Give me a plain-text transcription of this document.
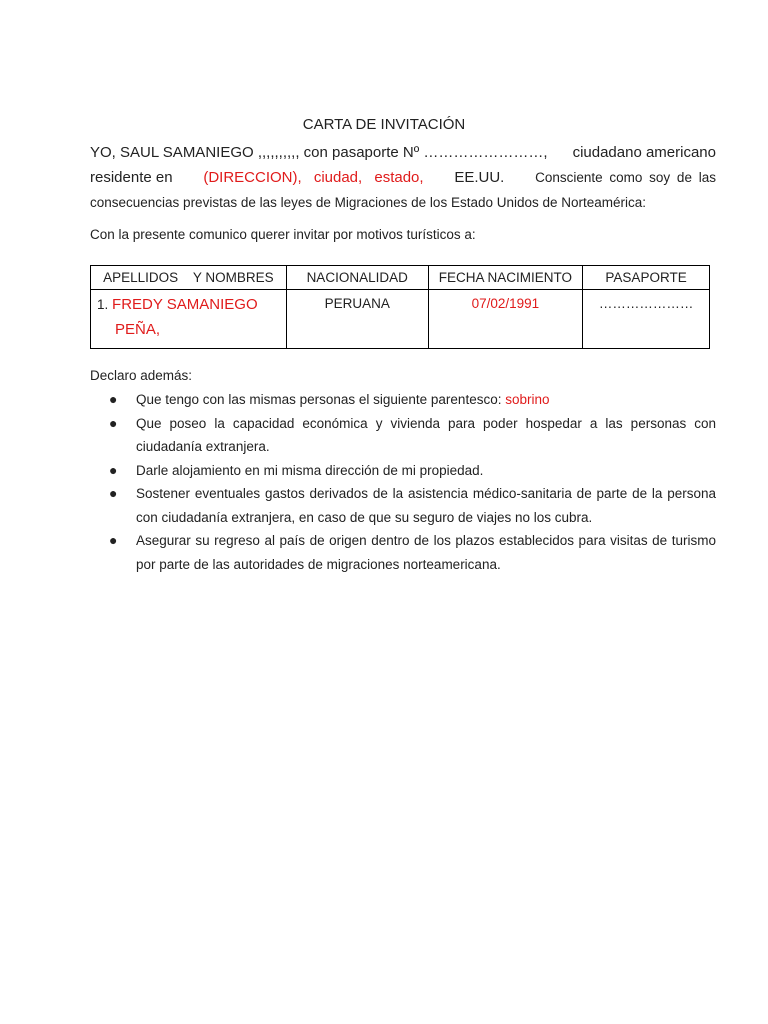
CARTA DE INVITACIÓN
YO, SAUL SAMANIEGO ,,,,,,,,,, con pasaporte Nº ……………………, ciudadano americano
residente en (DIRECCION), ciudad, estado, EE.UU. Consciente como soy de las
consecuencias previstas de las leyes de Migraciones de los Estado Unidos de Norteamérica:
Con la presente comunico querer invitar por motivos turísticos a:
APELLIDOS    Y NOMBRES	NACIONALIDAD	FECHA NACIMIENTO	PASAPORTE
1. FREDY SAMANIEGO
PEÑA,	PERUANA	07/02/1991	…………………
Declaro además:
● Que tengo con las mismas personas el siguiente parentesco: sobrino
● Que poseo la capacidad económica y vivienda para poder hospedar a las personas con ciudadanía extranjera.
● Darle alojamiento en mi misma dirección de mi propiedad.
● Sostener eventuales gastos derivados de la asistencia médico-sanitaria de parte de la persona con ciudadanía extranjera, en caso de que su seguro de viajes no los cubra.
● Asegurar su regreso al país de origen dentro de los plazos establecidos para visitas de turismo por parte de las autoridades de migraciones norteamericana.
